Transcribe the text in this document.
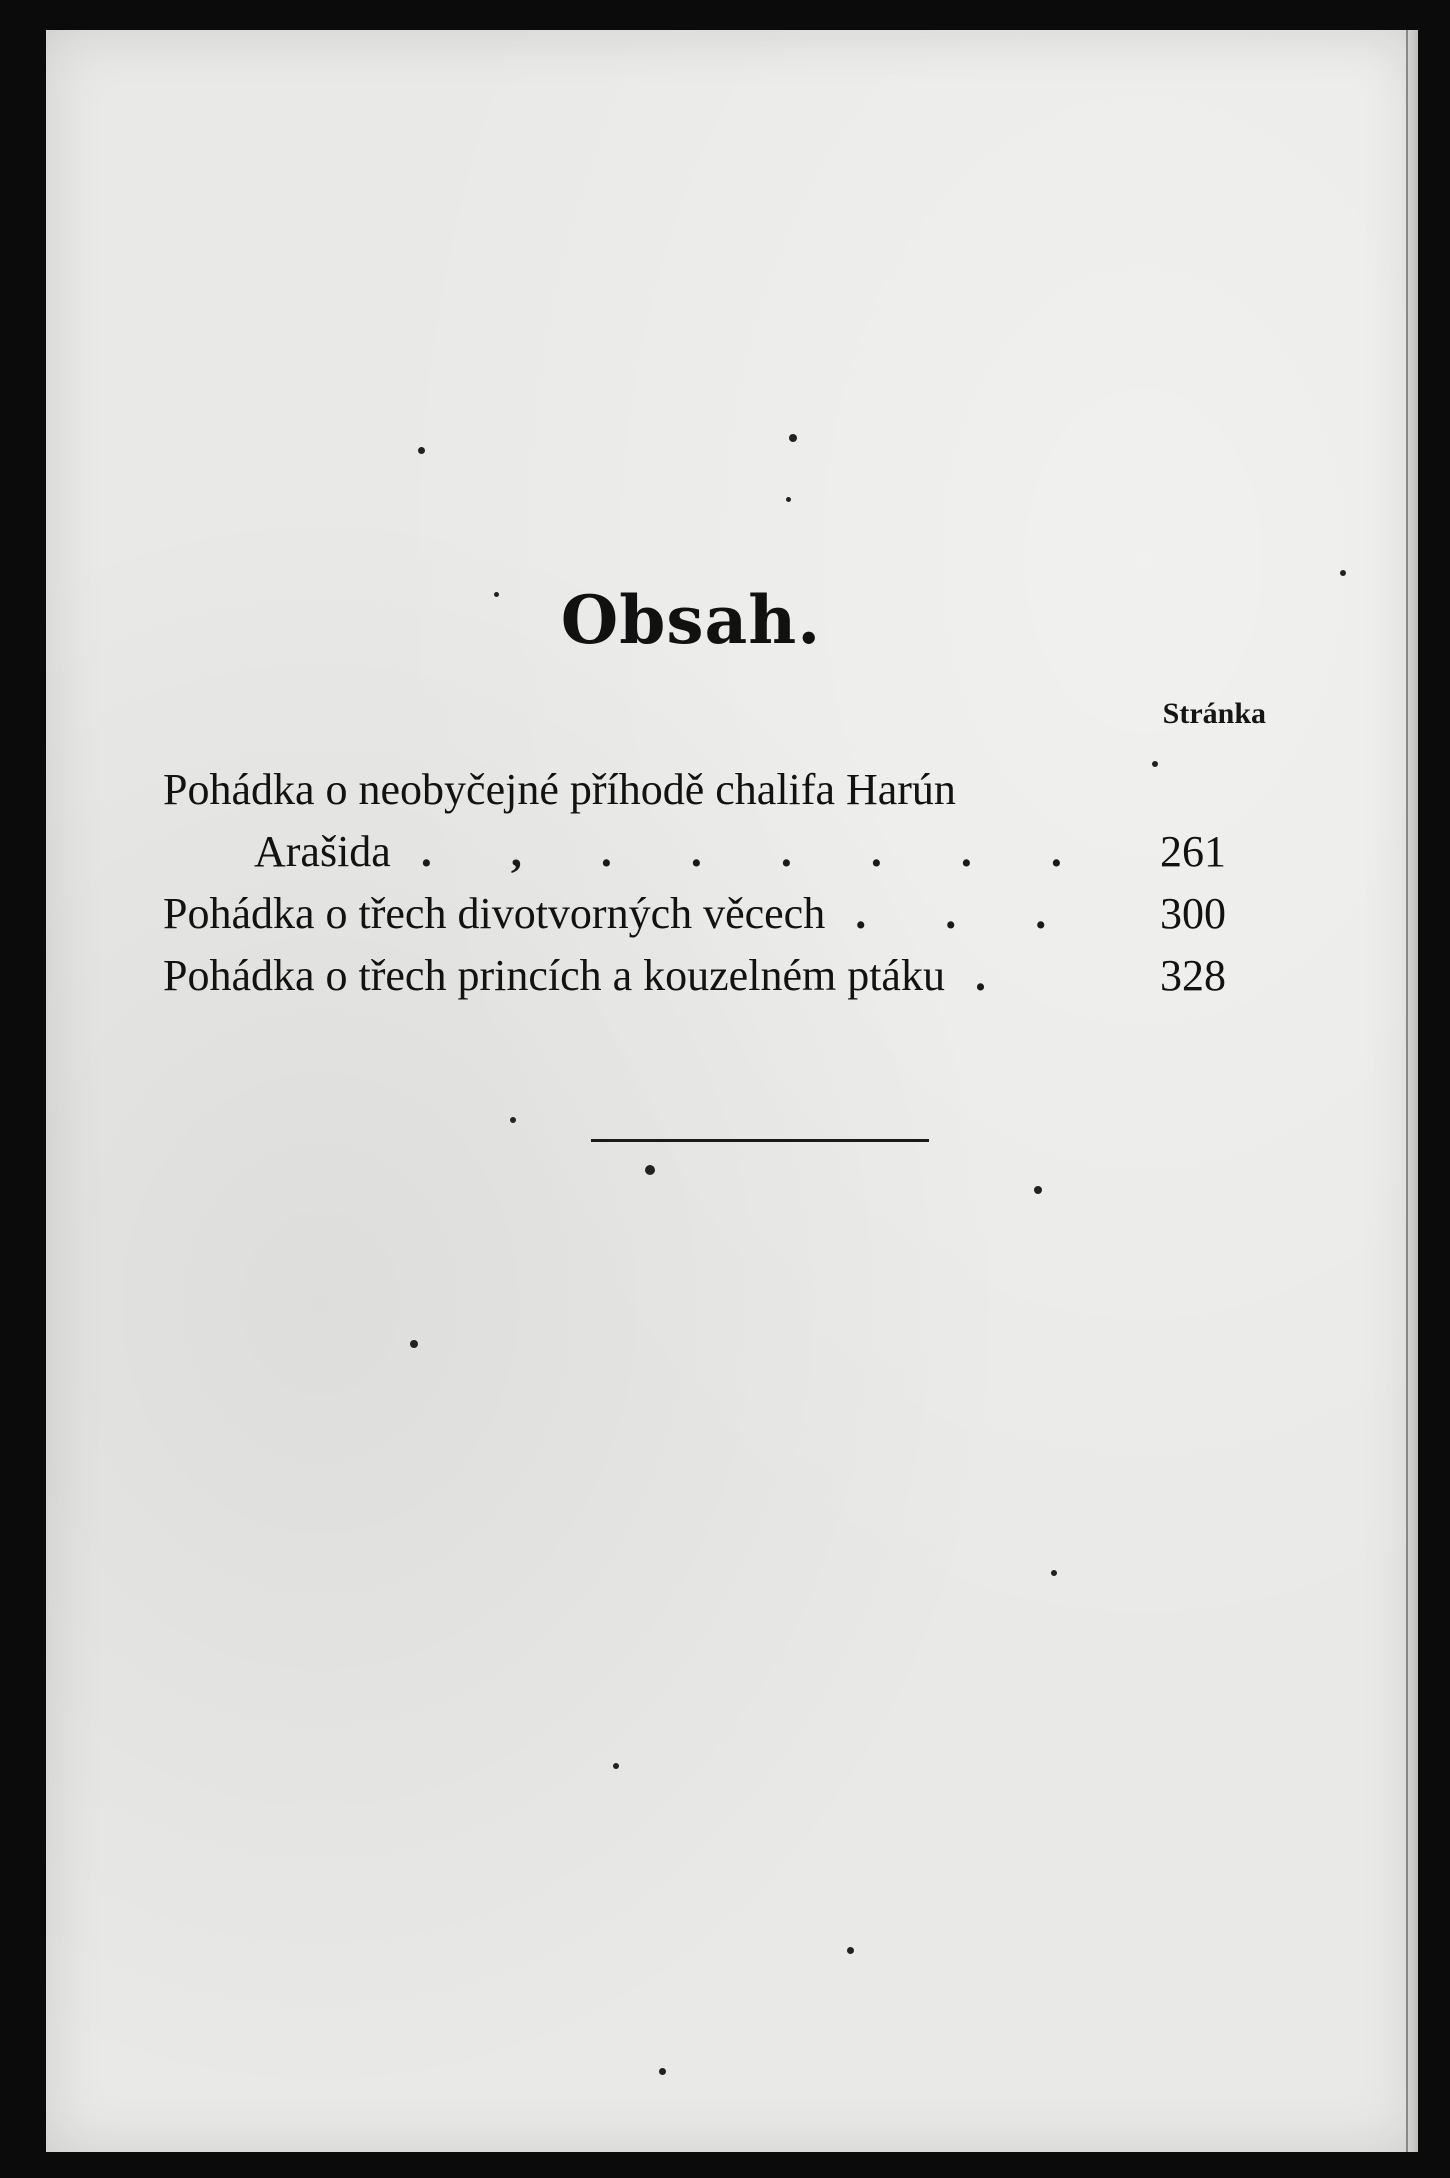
Obsah.
Stránka
Pohádka o neobyčejné příhodě chalifa Harún
Arašida . , . . . . . .	261
Pohádka o třech divotvorných věcech . . .	300
Pohádka o třech princích a kouzelném ptáku .	328
